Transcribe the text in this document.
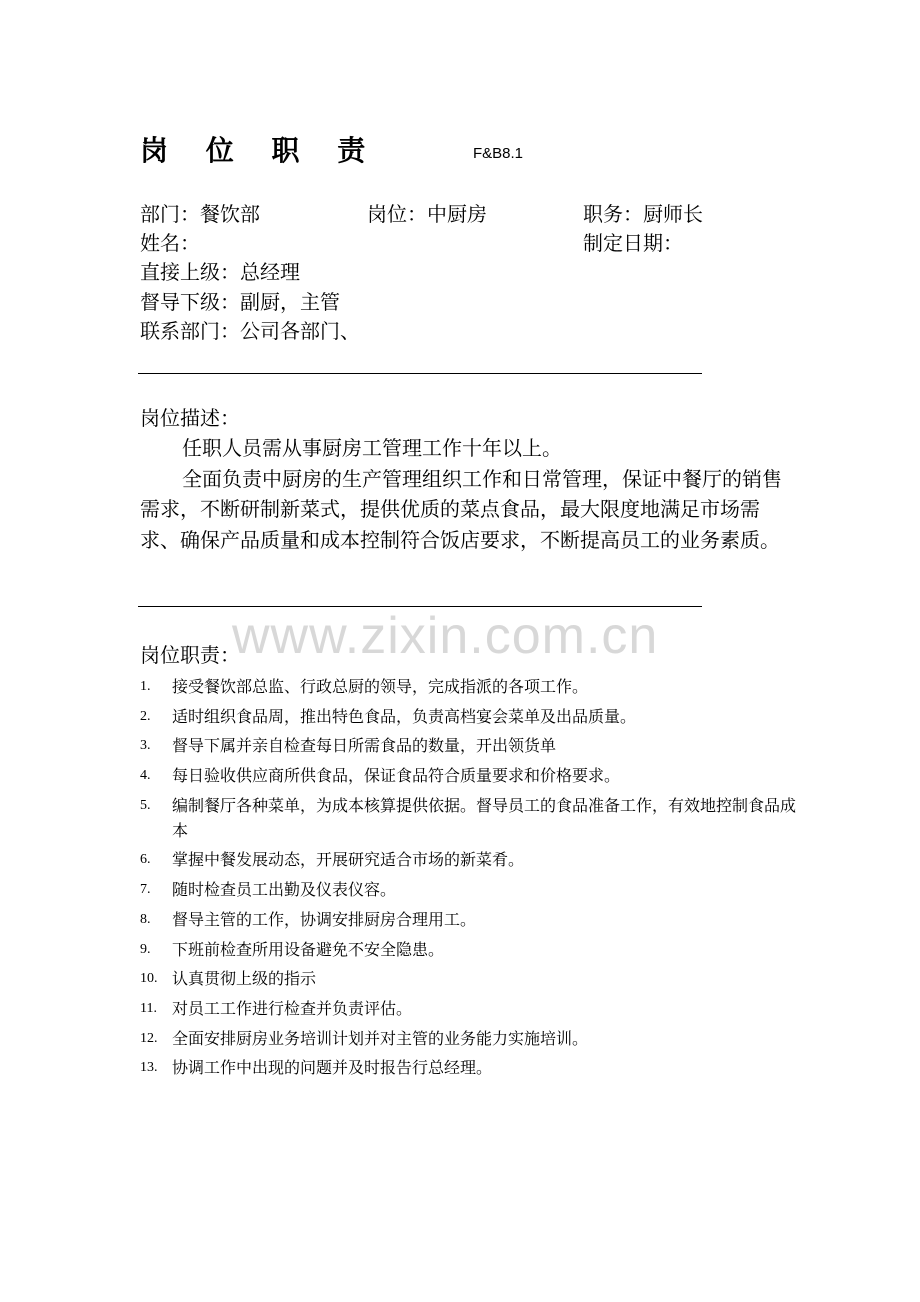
岗 位 职 责	F&B8.1
部门：餐饮部	岗位：中厨房	职务：厨师长
姓名：	制定日期：
直接上级：总经理
督导下级：副厨，主管
联系部门：公司各部门、
岗位描述：

任职人员需从事厨房工管理工作十年以上。

全面负责中厨房的生产管理组织工作和日常管理，保证中餐厅的销售需求，不断研制新菜式，提供优质的菜点食品，最大限度地满足市场需求、确保产品质量和成本控制符合饭店要求，不断提高员工的业务素质。

www.zixin.com.cn
岗位职责：
1.	接受餐饮部总监、行政总厨的领导，完成指派的各项工作。
2.	适时组织食品周，推出特色食品，负责高档宴会菜单及出品质量。
3.	督导下属并亲自检查每日所需食品的数量，开出领货单
4.	每日验收供应商所供食品，保证食品符合质量要求和价格要求。
5.	编制餐厅各种菜单，为成本核算提供依据。督导员工的食品准备工作，有效地控制食品成本
6.	掌握中餐发展动态，开展研究适合市场的新菜肴。
7.	随时检查员工出勤及仪表仪容。
8.	督导主管的工作，协调安排厨房合理用工。
9.	下班前检查所用设备避免不安全隐患。
10. 认真贯彻上级的指示
11. 对员工工作进行检查并负责评估。
12. 全面安排厨房业务培训计划并对主管的业务能力实施培训。
13. 协调工作中出现的问题并及时报告行总经理。
